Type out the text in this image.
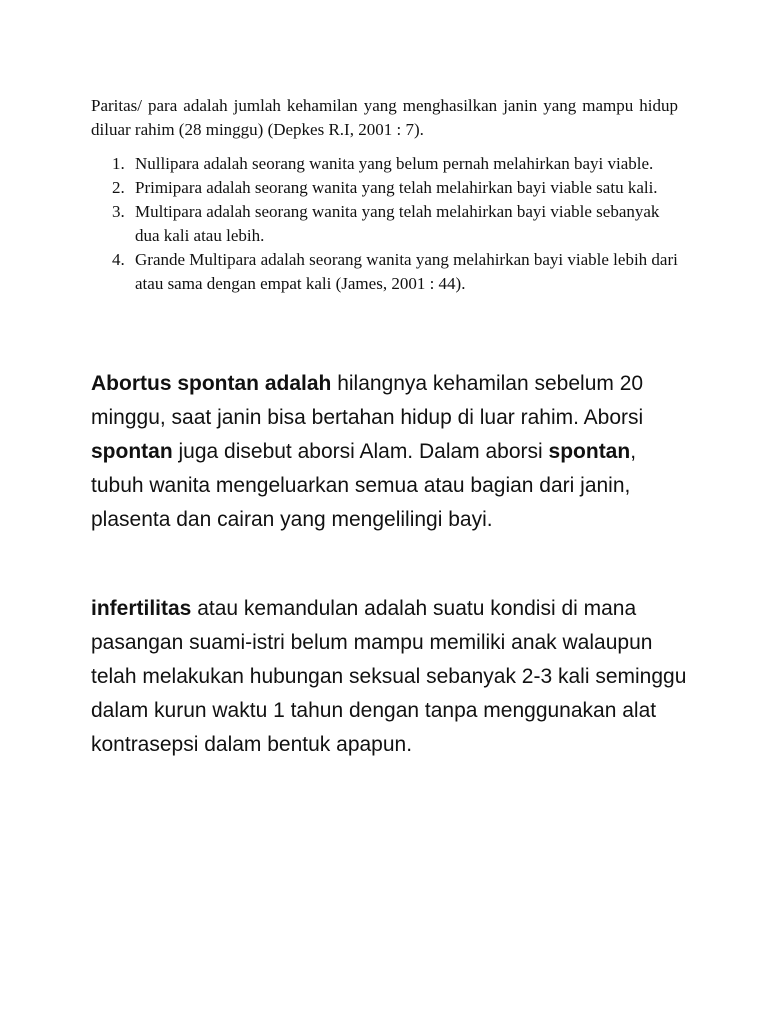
Paritas/ para adalah jumlah kehamilan yang menghasilkan janin yang mampu hidup diluar rahim (28 minggu) (Depkes R.I, 2001 : 7).

1. Nullipara adalah seorang wanita yang belum pernah melahirkan bayi viable.
2. Primipara adalah seorang wanita yang telah melahirkan bayi viable satu kali.
3. Multipara adalah seorang wanita yang telah melahirkan bayi viable sebanyak dua kali atau lebih.
4. Grande Multipara adalah seorang wanita yang melahirkan bayi viable lebih dari atau sama dengan empat kali (James, 2001 : 44).

Abortus spontan adalah hilangnya kehamilan sebelum 20 minggu, saat janin bisa bertahan hidup di luar rahim. Aborsi spontan juga disebut aborsi Alam. Dalam aborsi spontan, tubuh wanita mengeluarkan semua atau bagian dari janin, plasenta dan cairan yang mengelilingi bayi.

infertilitas atau kemandulan adalah suatu kondisi di mana pasangan suami-istri belum mampu memiliki anak walaupun telah melakukan hubungan seksual sebanyak 2-3 kali seminggu dalam kurun waktu 1 tahun dengan tanpa menggunakan alat kontrasepsi dalam bentuk apapun.
